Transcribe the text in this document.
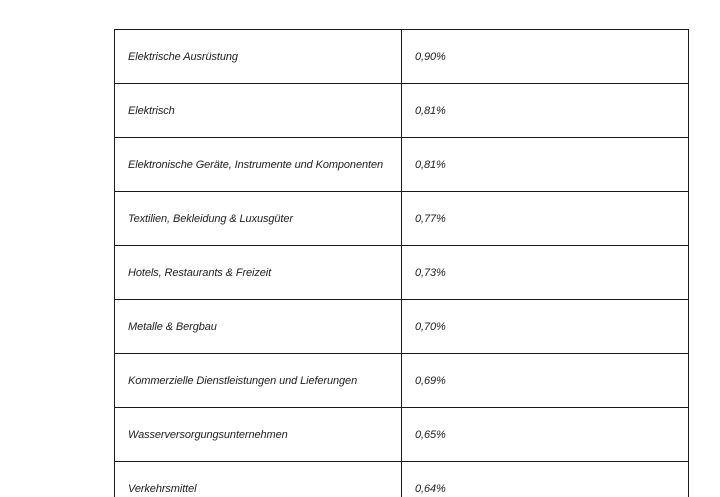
Elektrische Ausrüstung	0,90%
Elektrisch	0,81%
Elektronische Geräte, Instrumente und Komponenten	0,81%
Textilien, Bekleidung & Luxusgüter	0,77%
Hotels, Restaurants & Freizeit	0,73%
Metalle & Bergbau	0,70%
Kommerzielle Dienstleistungen und Lieferungen	0,69%
Wasserversorgungsunternehmen	0,65%
Verkehrsmittel	0,64%
